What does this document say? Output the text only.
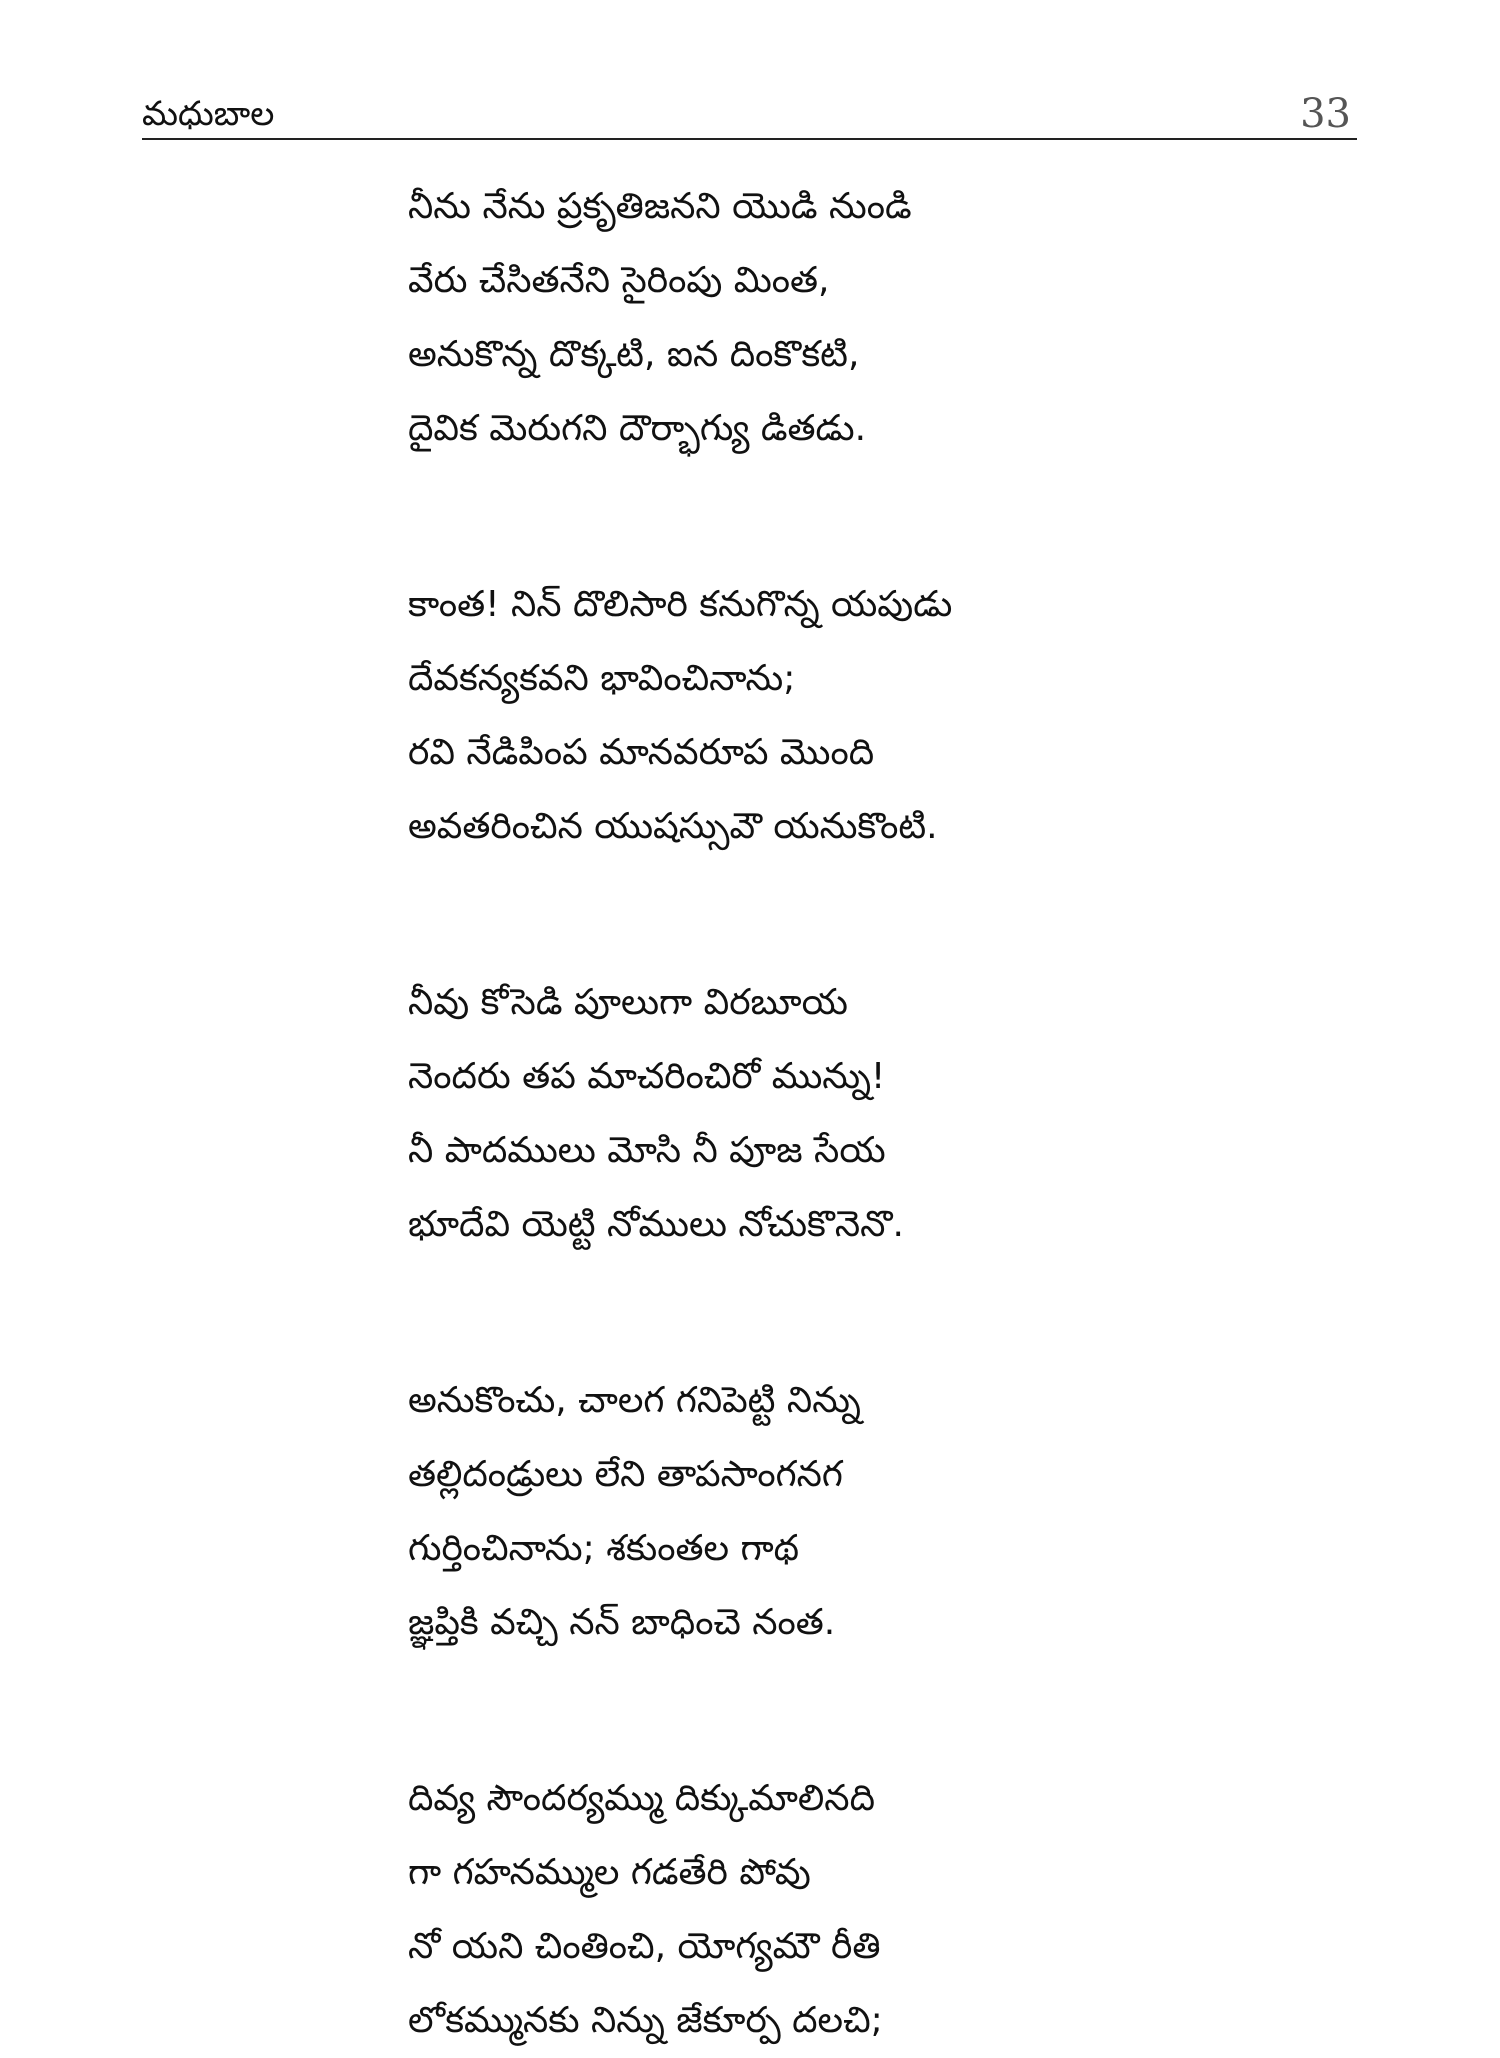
మధుబాల	33
నీను నేను ప్రకృతిజనని యొడి నుండి
వేరు చేసితనేని సైరింపు మింత,
అనుకొన్న దొక్కటి, ఐన దింకొకటి,
దైవిక మెరుగని దౌర్భాగ్యు డితడు.
కాంత! నిన్ దొలిసారి కనుగొన్న యపుడు
దేవకన్యకవని భావించినాను;
రవి నేడిపింప మానవరూప మొంది
అవతరించిన యుషస్సువౌ యనుకొంటి.
నీవు కోసెడి పూలుగా విరబూయ
నెందరు తప మాచరించిరో మున్ను!
నీ పాదములు మోసి నీ పూజ సేయ
భూదేవి యెట్టి నోములు నోచుకొనెనొ.
అనుకొంచు, చాలగ గనిపెట్టి నిన్ను
తల్లిదండ్రులు లేని తాపసాంగనగ
గుర్తించినాను; శకుంతల గాథ
జ్ఞప్తికి వచ్చి నన్ బాధించె నంత.
దివ్య సౌందర్యమ్ము దిక్కుమాలినది
గా గహనమ్ముల గడతేరి పోవు
నో యని చింతించి, యోగ్యమౌ రీతి
లోకమ్మునకు నిన్ను జేకూర్ప దలచి;
